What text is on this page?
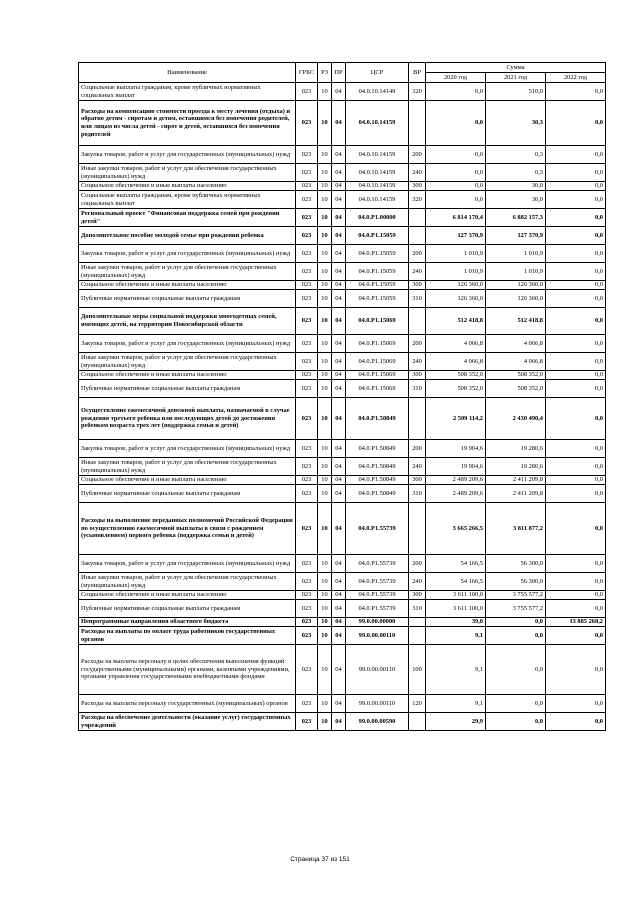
Наименование	ГРБС	РЗ	ПР	ЦСР	ВР	Сумма		
						2020 год	2021 год	2022 год
Социальные выплаты гражданам, кроме публичных нормативных социальных выплат	023	10	04	04.0.10.14149	320	0,0	510,0	0,0
Расходы на компенсацию стоимости проезда к месту лечения (отдыха) и обратно детям - сиротам и детям, оставшимся без попечения родителей, или лицам из числа детей - сирот и детей, оставшихся без попечения родителей	023	10	04	04.0.10.14159		0,0	30,3	0,0
Закупка товаров, работ и услуг для государственных (муниципальных) нужд	023	10	04	04.0.10.14159	200	0,0	0,3	0,0
Иные закупки товаров, работ и услуг для обеспечения государственных (муниципальных) нужд	023	10	04	04.0.10.14159	240	0,0	0,3	0,0
Социальное обеспечение и иные выплаты населению	023	10	04	04.0.10.14159	300	0,0	30,0	0,0
Социальные выплаты гражданам, кроме публичных нормативных социальных выплат	023	10	04	04.0.10.14159	320	0,0	30,0	0,0
Региональный проект "Финансовая поддержка семей при рождении детей"	023	10	04	04.0.P1.00000		6 814 170,4	6 882 157,3	0,0
Дополнительное пособие молодой семье при рождении ребенка	023	10	04	04.0.P1.15059		127 370,9	127 370,9	0,0
Закупка товаров, работ и услуг для государственных (муниципальных) нужд	023	10	04	04.0.P1.15059	200	1 010,9	1 010,9	0,0
Иные закупки товаров, работ и услуг для обеспечения государственных (муниципальных) нужд	023	10	04	04.0.P1.15059	240	1 010,9	1 010,9	0,0
Социальное обеспечение и иные выплаты населению	023	10	04	04.0.P1.15059	300	126 360,0	126 360,0	0,0
Публичные нормативные социальные выплаты гражданам	023	10	04	04.0.P1.15059	310	126 360,0	126 360,0	0,0
Дополнительные меры социальной поддержки многодетных семей, имеющих детей, на территории Новосибирской области	023	10	04	04.0.P1.15069		512 418,8	512 418,8	0,0
Закупка товаров, работ и услуг для государственных (муниципальных) нужд	023	10	04	04.0.P1.15069	200	4 066,8	4 066,8	0,0
Иные закупки товаров, работ и услуг для обеспечения государственных (муниципальных) нужд	023	10	04	04.0.P1.15069	240	4 066,8	4 066,8	0,0
Социальное обеспечение и иные выплаты населению	023	10	04	04.0.P1.15069	300	508 352,0	508 352,0	0,0
Публичные нормативные социальные выплаты гражданам	023	10	04	04.0.P1.15069	310	508 352,0	508 352,0	0,0
Осуществление ежемесячной денежной выплаты, назначаемой в случае рождения третьего ребенка или последующих детей до достижения ребенком возраста трех лет (поддержка семьи и детей)	023	10	04	04.0.P1.50849		2 509 114,2	2 430 490,4	0,0
Закупка товаров, работ и услуг для государственных (муниципальных) нужд	023	10	04	04.0.P1.50849	200	19 904,6	19 280,6	0,0
Иные закупки товаров, работ и услуг для обеспечения государственных (муниципальных) нужд	023	10	04	04.0.P1.50849	240	19 904,6	19 280,6	0,0
Социальное обеспечение и иные выплаты населению	023	10	04	04.0.P1.50849	300	2 489 209,6	2 411 209,8	0,0
Публичные нормативные социальные выплаты гражданам	023	10	04	04.0.P1.50849	310	2 489 209,6	2 411 209,8	0,0
Расходы на выполнение переданных полномочий Российской Федерации по осуществлению ежемесячной выплаты в связи с рождением (усыновлением) первого ребенка (поддержка семьи и детей)	023	10	04	04.0.P1.55739		3 665 266,5	3 811 877,2	0,0
Закупка товаров, работ и услуг для государственных (муниципальных) нужд	023	10	04	04.0.P1.55739	200	54 166,5	56 300,0	0,0
Иные закупки товаров, работ и услуг для обеспечения государственных (муниципальных) нужд	023	10	04	04.0.P1.55739	240	54 166,5	56 300,0	0,0
Социальное обеспечение и иные выплаты населению	023	10	04	04.0.P1.55739	300	3 611 100,0	3 755 577,2	0,0
Публичные нормативные социальные выплаты гражданам	023	10	04	04.0.P1.55739	310	3 611 100,0	3 755 577,2	0,0
Непрограммные направления областного бюджета	023	10	04	99.0.00.00000		39,0	0,0	13 885 268,2
Расходы на выплаты по оплате труда работников государственных органов	023	10	04	99.0.00.00110		9,1	0,0	0,0
Расходы на выплаты персоналу в целях обеспечения выполнения функций государственными (муниципальными) органами, казенными учреждениями, органами управления государственными внебюджетными фондами	023	10	04	99.0.00.00110	100	9,1	0,0	0,0
Расходы на выплаты персоналу государственных (муниципальных) органов	023	10	04	99.0.00.00110	120	9,1	0,0	0,0
Расходы на обеспечение деятельности (оказание услуг) государственных учреждений	023	10	04	99.0.00.00590		29,9	0,0	0,0
Страница 37 из 151
